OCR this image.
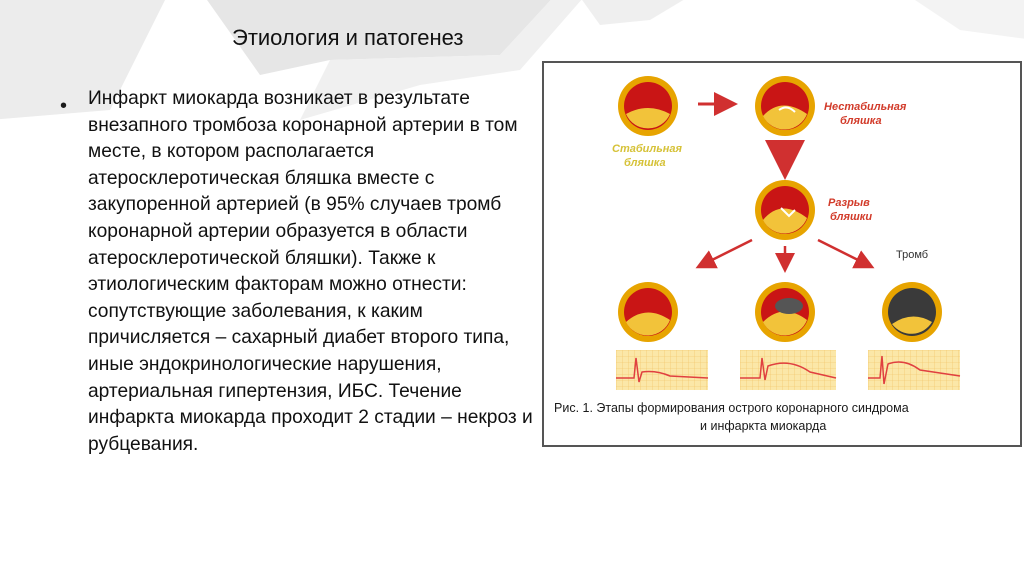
Этиология и патогенез
• Инфаркт миокарда возникает в результате внезапного тромбоза коронарной артерии в том месте, в котором располагается атеросклеротическая бляшка вместе с закупоренной артерией (в 95% случаев тромб коронарной артерии образуется в области атеросклеротической бляшки). Также к этиологическим факторам можно отнести: сопутствующие заболевания, к каким причисляется – сахарный диабет второго типа, иные эндокринологические нарушения, артериальная гипертензия, ИБС. Течение инфаркта миокарда проходит 2 стадии – некроз и рубцевания.
Стабильная
бляшка
Нестабильная
бляшка
Разрыв
бляшки
Тромб
Рис. 1. Этапы формирования острого коронарного синдрома
и инфаркта миокарда
